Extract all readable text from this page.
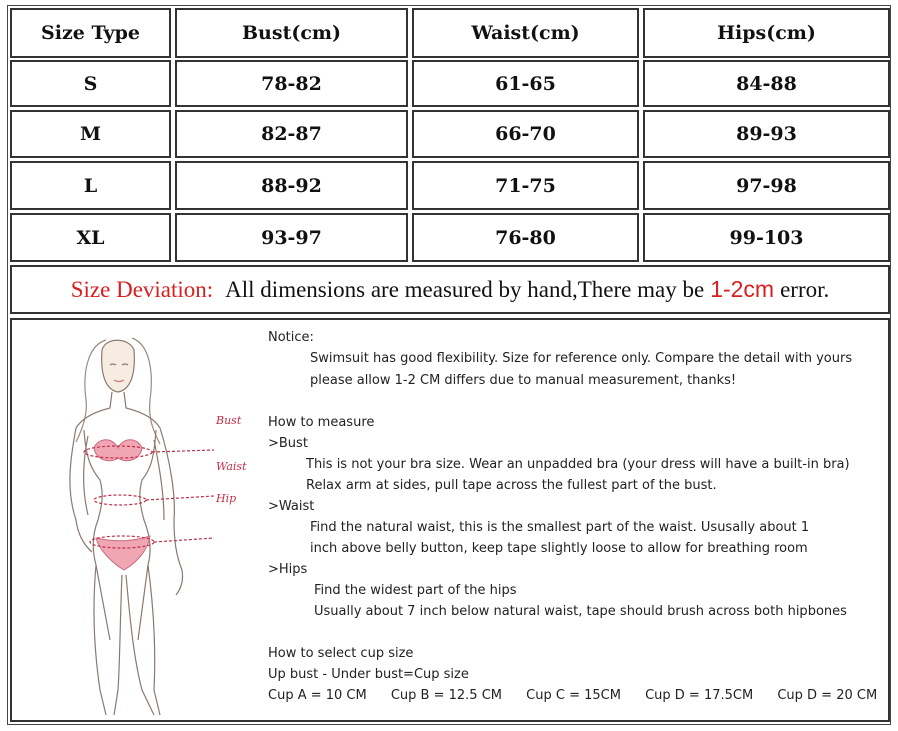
Size Type	Bust(cm)	Waist(cm)	Hips(cm)
S	78-82	61-65	84-88
M	82-87	66-70	89-93
L	88-92	71-75	97-98
XL	93-97	76-80	99-103
Size Deviation: All dimensions are measured by hand,There may be 1-2cm error.
Bust
Waist
Hip
Notice:
Swimsuit has good flexibility. Size for reference only. Compare the detail with yours
please allow 1-2 CM differs due to manual measurement, thanks!
How to measure
>Bust
This is not your bra size. Wear an unpadded bra (your dress will have a built-in bra)
Relax arm at sides, pull tape across the fullest part of the bust.
>Waist
Find the natural waist, this is the smallest part of the waist. Ususally about 1
inch above belly button, keep tape slightly loose to allow for breathing room
>Hips
Find the widest part of the hips
Usually about 7 inch below natural waist, tape should brush across both hipbones
How to select cup size
Up bust - Under bust=Cup size
Cup A = 10 CM Cup B = 12.5 CM Cup C = 15CM Cup D = 17.5CM Cup D = 20 CM
